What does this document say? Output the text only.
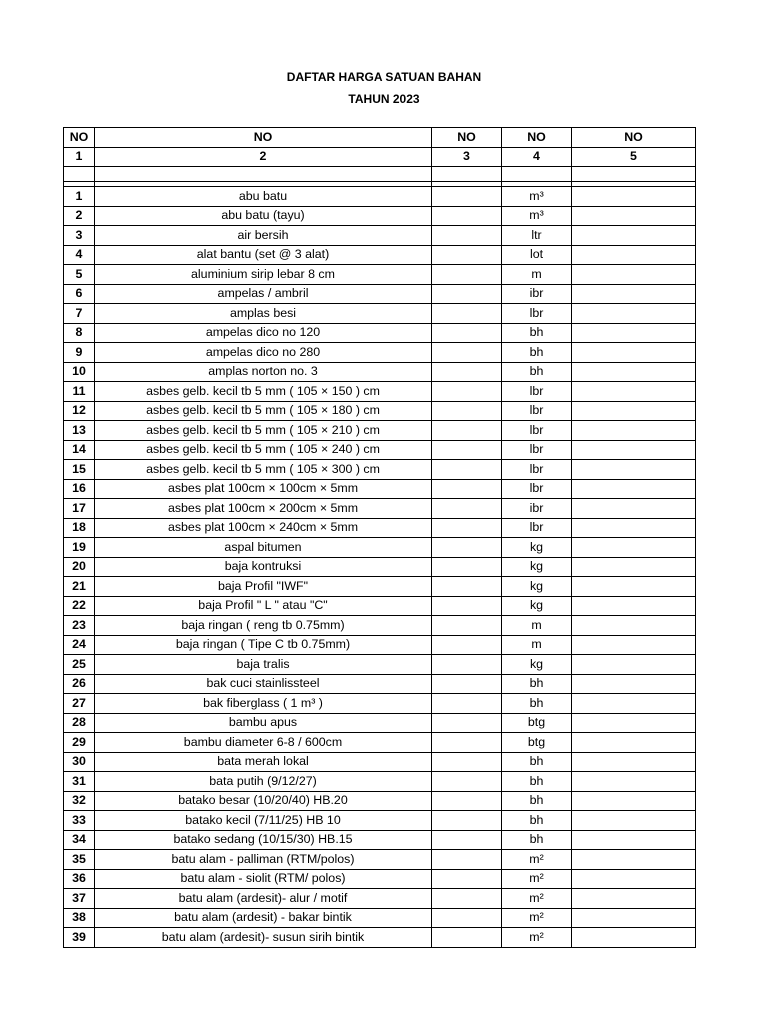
DAFTAR HARGA SATUAN BAHAN
TAHUN 2023
NO	NO	NO	NO	NO
1	2	3	4	5

1	abu batu		m³	
2	abu batu (tayu)		m³	
3	air bersih		ltr	
4	alat bantu (set @ 3 alat)		lot	
5	aluminium sirip lebar 8 cm		m	
6	ampelas / ambril		ibr	
7	amplas besi		lbr	
8	ampelas dico no 120		bh	
9	ampelas dico no 280		bh	
10	amplas norton no. 3		bh	
11	asbes gelb. kecil tb 5 mm ( 105 × 150 ) cm		lbr	
12	asbes gelb. kecil tb 5 mm ( 105 × 180 ) cm		lbr	
13	asbes gelb. kecil tb 5 mm ( 105 × 210 ) cm		lbr	
14	asbes gelb. kecil tb 5 mm ( 105 × 240 ) cm		lbr	
15	asbes gelb. kecil tb 5 mm ( 105 × 300 ) cm		lbr	
16	asbes plat 100cm × 100cm × 5mm		lbr	
17	asbes plat 100cm × 200cm × 5mm		ibr	
18	asbes plat 100cm × 240cm × 5mm		lbr	
19	aspal bitumen		kg	
20	baja kontruksi		kg	
21	baja Profil "IWF"		kg	
22	baja Profil " L " atau "C"		kg	
23	baja ringan ( reng tb 0.75mm)		m	
24	baja ringan ( Tipe C tb 0.75mm)		m	
25	baja tralis		kg	
26	bak cuci stainlissteel		bh	
27	bak fiberglass ( 1 m³ )		bh	
28	bambu apus		btg	
29	bambu diameter 6-8 / 600cm		btg	
30	bata merah lokal		bh	
31	bata putih (9/12/27)		bh	
32	batako besar (10/20/40) HB.20		bh	
33	batako kecil (7/11/25) HB 10		bh	
34	batako sedang (10/15/30) HB.15		bh	
35	batu alam - palliman (RTM/polos)		m²	
36	batu alam - siolit (RTM/ polos)		m²	
37	batu alam (ardesit)- alur / motif		m²	
38	batu alam (ardesit) - bakar bintik		m²	
39	batu alam (ardesit)- susun sirih bintik		m²	
